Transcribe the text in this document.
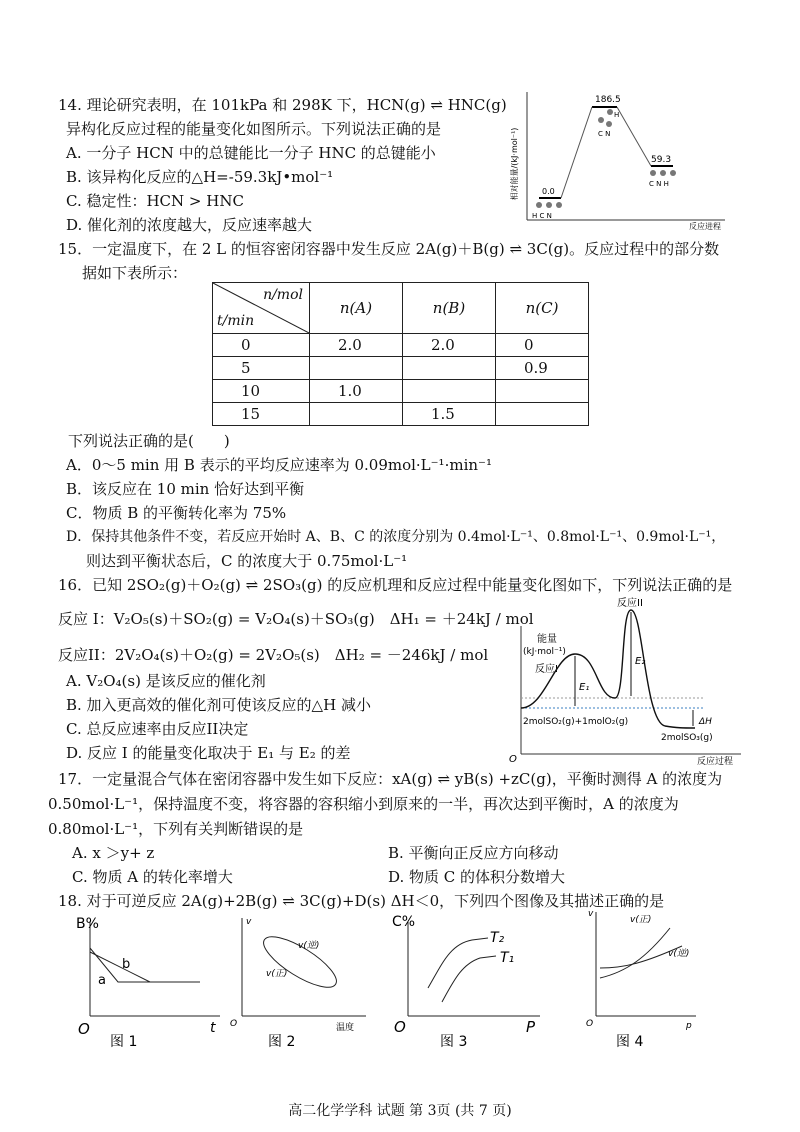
14. 理论研究表明，在 101kPa 和 298K 下，HCN(g) ⇌ HNC(g)
异构化反应过程的能量变化如图所示。下列说法正确的是
A. 一分子 HCN 中的总键能比一分子 HNC 的总键能小
B. 该异构化反应的△H=-59.3kJ•mol⁻¹
C. 稳定性：HCN > HNC
D. 催化剂的浓度越大，反应速率越大
相对能量/(kJ·mol⁻¹)
反应进程
0.0
186.5
59.3
H C N
H
C N
C N H
15．一定温度下，在 2 L 的恒容密闭容器中发生反应 2A(g)＋B(g) ⇌ 3C(g)。反应过程中的部分数
据如下表所示：
n/mol
t/min	n(A)	n(B)	n(C)
0	2.0	2.0	0
5			0.9
10	1.0		
15		1.5	
下列说法正确的是(　　)
A．0～5 min 用 B 表示的平均反应速率为 0.09mol·L⁻¹·min⁻¹
B．该反应在 10 min 恰好达到平衡
C．物质 B 的平衡转化率为 75%
D．保持其他条件不变，若反应开始时 A、B、C 的浓度分别为 0.4mol·L⁻¹、0.8mol·L⁻¹、0.9mol·L⁻¹，
则达到平衡状态后，C 的浓度大于 0.75mol·L⁻¹
16．已知 2SO₂(g)＋O₂(g) ⇌ 2SO₃(g) 的反应机理和反应过程中能量变化图如下，下列说法正确的是
反应 I：V₂O₅(s)＋SO₂(g) = V₂O₄(s)＋SO₃(g)　ΔH₁ = ＋24kJ / mol
反应II：2V₂O₄(s)＋O₂(g) = 2V₂O₅(s)　ΔH₂ = －246kJ / mol
A. V₂O₄(s) 是该反应的催化剂
B. 加入更高效的催化剂可使该反应的△H 减小
C. 总反应速率由反应II决定
D. 反应 I 的能量变化取决于 E₁ 与 E₂ 的差
能量
(kJ·mol⁻¹)
O	反应过程
反应II
反应I
E₁
E₂
2molSO₂(g)+1molO₂(g)	ΔH
2molSO₃(g)
17．一定量混合气体在密闭容器中发生如下反应：xA(g) ⇌ yB(s) +zC(g)，平衡时测得 A 的浓度为
0.50mol·L⁻¹，保持温度不变，将容器的容积缩小到原来的一半，再次达到平衡时，A 的浓度为
0.80mol·L⁻¹，下列有关判断错误的是
A. x ＞y+ z	B. 平衡向正反应方向移动
C. 物质 A 的转化率增大	D. 物质 C 的体积分数增大
18. 对于可逆反应 2A(g)+2B(g) ⇌ 3C(g)+D(s) ΔH＜0，下列四个图像及其描述正确的是
B%
t
O
a
b
图 1
v
温度
O
v(逆)
v(正)
图 2
C%
P
O
T₂
T₁
图 3
v
p
O
v(正)
v(逆)
图 4
高二化学学科 试题 第 3页 (共 7 页)
